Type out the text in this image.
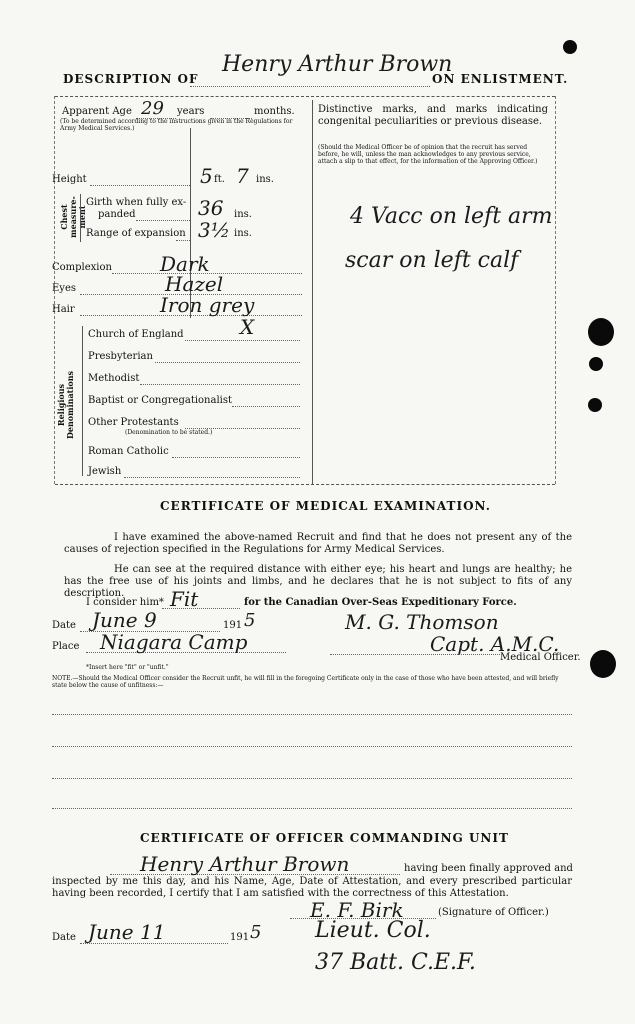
DESCRIPTION OF
Henry Arthur Brown
ON ENLISTMENT.
Apparent Age 29 years	months.
(To be determined according to the instructions given in the Regulations for Army Medical Services.)
Height	5 ft. 7 ins.
Chest measure-ment
Girth when fully ex-
panded	36 ins.
Range of expansion 3½ ins.
Complexion Dark
Eyes	Hazel
Hair	Iron grey
Religious Denominations
Church of England	X
Presbyterian
Methodist
Baptist or Congregationalist
Other Protestants
(Denomination to be stated.)
Roman Catholic
Jewish
Distinctive marks, and marks indicating congenital peculiarities or previous disease.
(Should the Medical Officer be of opinion that the recruit has served before, he will, unless the man acknowledges to any previous service, attach a slip to that effect, for the information of the Approving Officer.)
4 Vacc on left arm
scar on left calf
CERTIFICATE OF MEDICAL EXAMINATION.
I have examined the above-named Recruit and find that he does not present any of the causes of rejection specified in the Regulations for Army Medical Services.
He can see at the required distance with either eye; his heart and lungs are healthy; he has the free use of his joints and limbs, and he declares that he is not subject to fits of any description.
I consider him* Fit	for the Canadian Over-Seas Expeditionary Force.
Date June 9	191 5	M. G. Thomson
Place Niagara Camp	Capt. A.M.C.
Medical Officer.
*Insert here "fit" or "unfit."
NOTE.—Should the Medical Officer consider the Recruit unfit, he will fill in the foregoing Certificate only in the case of those who have been attested, and will briefly state below the cause of unfitness:—
CERTIFICATE OF OFFICER COMMANDING UNIT
Henry Arthur Brown	having been finally approved and
inspected by me this day, and his Name, Age, Date of Attestation, and every prescribed particular having been recorded, I certify that I am satisfied with the correctness of this Attestation.
E. F. Birk	(Signature of Officer.)
Date June 11	191 5 Lieut. Col.
37 Batt. C.E.F.
